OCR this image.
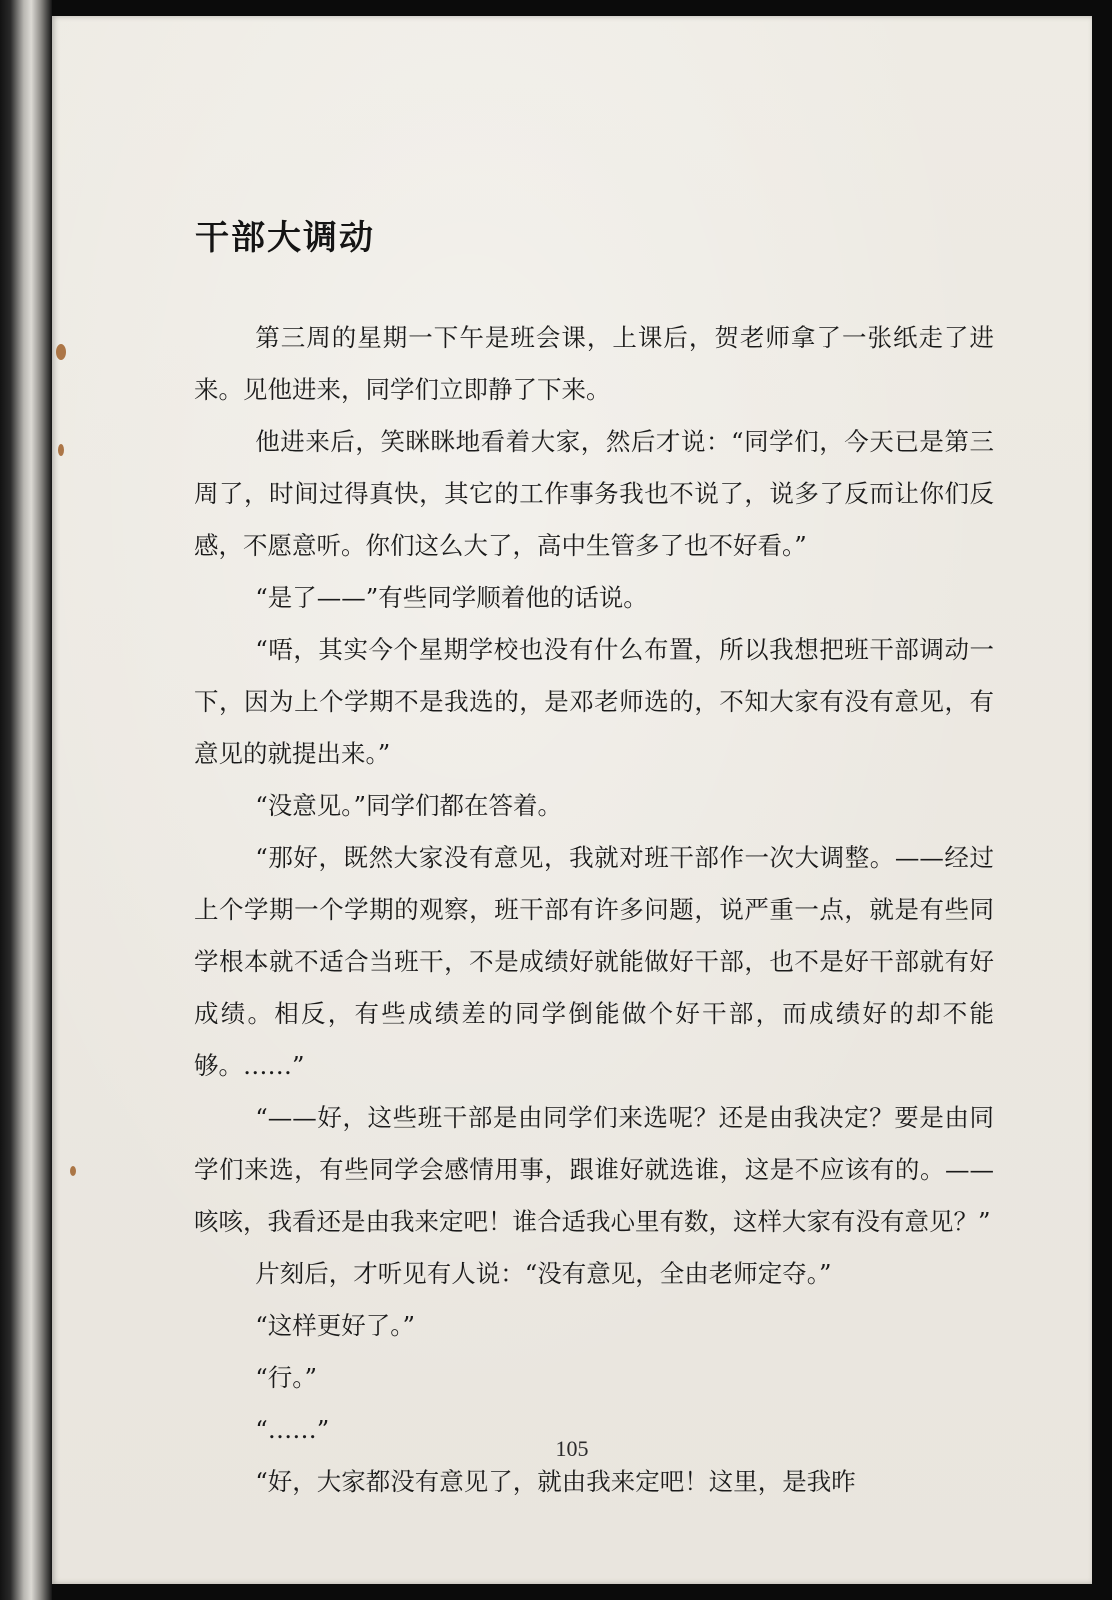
干部大调动

第三周的星期一下午是班会课，上课后，贺老师拿了一张纸走了进来。见他进来，同学们立即静了下来。

他进来后，笑眯眯地看着大家，然后才说：“同学们，今天已是第三周了，时间过得真快，其它的工作事务我也不说了，说多了反而让你们反感，不愿意听。你们这么大了，高中生管多了也不好看。”

“是了——”有些同学顺着他的话说。

“唔，其实今个星期学校也没有什么布置，所以我想把班干部调动一下，因为上个学期不是我选的，是邓老师选的，不知大家有没有意见，有意见的就提出来。”

“没意见。”同学们都在答着。

“那好，既然大家没有意见，我就对班干部作一次大调整。——经过上个学期一个学期的观察，班干部有许多问题，说严重一点，就是有些同学根本就不适合当班干，不是成绩好就能做好干部，也不是好干部就有好成绩。相反，有些成绩差的同学倒能做个好干部，而成绩好的却不能够。……”

“——好，这些班干部是由同学们来选呢？还是由我决定？要是由同学们来选，有些同学会感情用事，跟谁好就选谁，这是不应该有的。——咳咳，我看还是由我来定吧！谁合适我心里有数，这样大家有没有意见？”

片刻后，才听见有人说：“没有意见，全由老师定夺。”

“这样更好了。”

“行。”

“……”

“好，大家都没有意见了，就由我来定吧！这里，是我昨

105
